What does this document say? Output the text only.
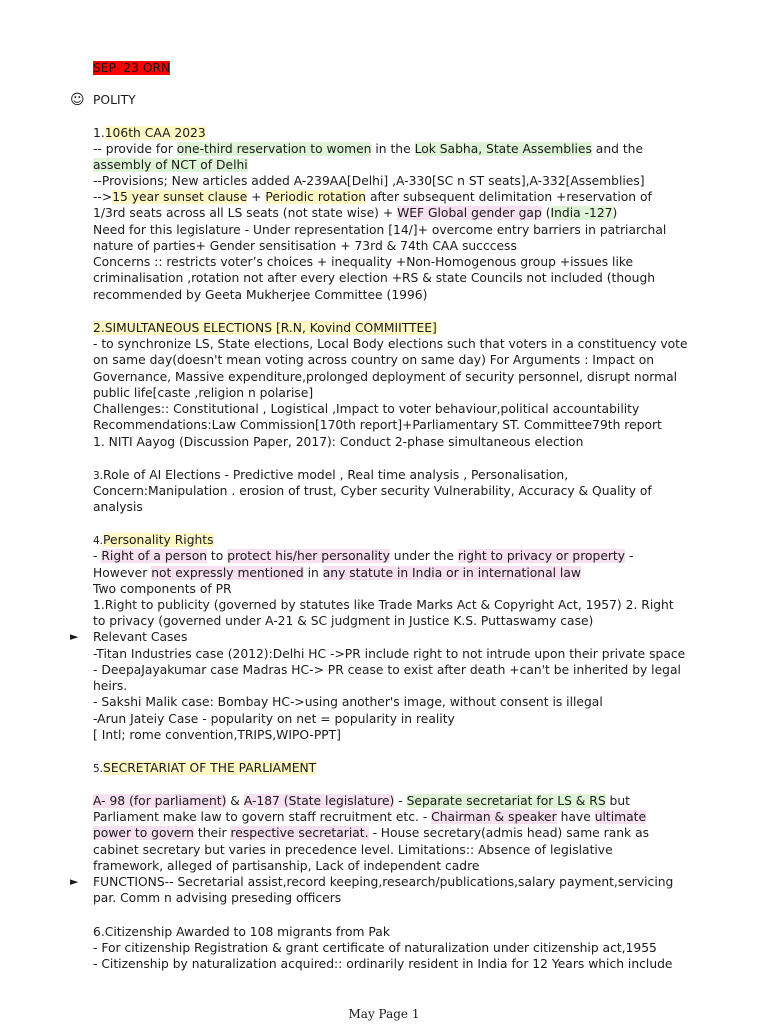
SEP '23 ORN
☺ POLITY
1.106th CAA 2023
-- provide for one-third reservation to women in the Lok Sabha, State Assemblies and the
assembly of NCT of Delhi
--Provisions; New articles added A-239AA[Delhi] ,A-330[SC n ST seats],A-332[Assemblies]
-->15 year sunset clause + Periodic rotation after subsequent delimitation +reservation of
1/3rd seats across all LS seats (not state wise) + WEF Global gender gap (India -127)
Need for this legislature - Under representation [14/]+ overcome entry barriers in patriarchal
nature of parties+ Gender sensitisation + 73rd & 74th CAA succcess
Concerns :: restricts voter’s choices + inequality +Non-Homogenous group +issues like
criminalisation ,rotation not after every election +RS & state Councils not included (though
recommended by Geeta Mukherjee Committee (1996)
2.SIMULTANEOUS ELECTIONS [R.N, Kovind COMMIITTEE]
- to synchronize LS, State elections, Local Body elections such that voters in a constituency vote
on same day(doesn't mean voting across country on same day) For Arguments : Impact on
Governance, Massive expenditure,prolonged deployment of security personnel, disrupt normal
public life[caste ,religion n polarise]
Challenges:: Constitutional , Logistical ,Impact to voter behaviour,political accountability
Recommendations:Law Commission[170th report]+Parliamentary ST. Committee79th report
1. NITI Aayog (Discussion Paper, 2017): Conduct 2-phase simultaneous election
3.Role of AI Elections - Predictive model , Real time analysis , Personalisation,
Concern:Manipulation . erosion of trust, Cyber security Vulnerability, Accuracy & Quality of
analysis
4.Personality Rights
- Right of a person to protect his/her personality under the right to privacy or property -
However not expressly mentioned in any statute in India or in international law
Two components of PR
1.Right to publicity (governed by statutes like Trade Marks Act & Copyright Act, 1957) 2. Right
to privacy (governed under A-21 & SC judgment in Justice K.S. Puttaswamy case)
► Relevant Cases
-Titan Industries case (2012):Delhi HC ->PR include right to not intrude upon their private space
- DeepaJayakumar case Madras HC-> PR cease to exist after death +can't be inherited by legal
heirs.
- Sakshi Malik case: Bombay HC->using another's image, without consent is illegal
-Arun Jateiy Case - popularity on net = popularity in reality
[ Intl; rome convention,TRIPS,WIPO-PPT]
5.SECRETARIAT OF THE PARLIAMENT
A- 98 (for parliament) & A-187 (State legislature) - Separate secretariat for LS & RS but
Parliament make law to govern staff recruitment etc. - Chairman & speaker have ultimate
power to govern their respective secretariat. - House secretary(admis head) same rank as
cabinet secretary but varies in precedence level. Limitations:: Absence of legislative
framework, alleged of partisanship, Lack of independent cadre
► FUNCTIONS-- Secretarial assist,record keeping,research/publications,salary payment,servicing
par. Comm n advising preseding officers
6.Citizenship Awarded to 108 migrants from Pak
- For citizenship Registration & grant certificate of naturalization under citizenship act,1955
- Citizenship by naturalization acquired:: ordinarily resident in India for 12 Years which include
May Page 1
